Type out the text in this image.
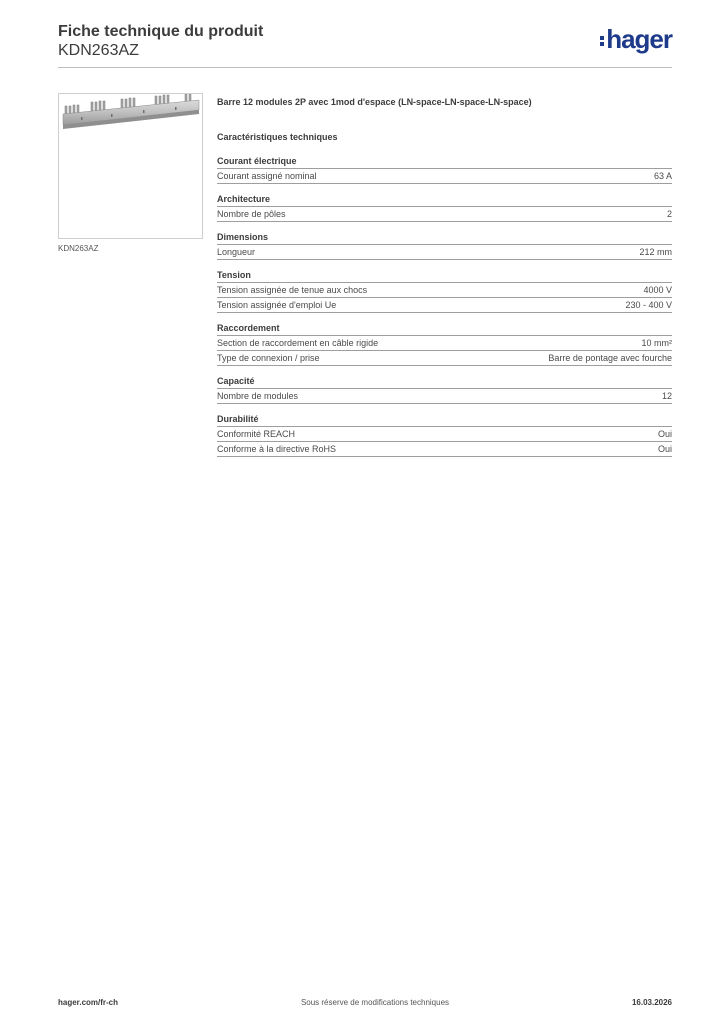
Fiche technique du produit
KDN263AZ	hager
KDN263AZ
Barre 12 modules 2P avec 1mod d'espace (LN-space-LN-space-LN-space)
Caractéristiques techniques
Courant électrique
Courant assigné nominal	63 A
Architecture
Nombre de pôles	2
Dimensions
Longueur	212 mm
Tension
Tension assignée de tenue aux chocs	4000 V
Tension assignée d'emploi Ue	230 - 400 V
Raccordement
Section de raccordement en câble rigide	10 mm²
Type de connexion / prise	Barre de pontage avec fourche
Capacité
Nombre de modules	12
Durabilité
Conformité REACH	Oui
Conforme à la directive RoHS	Oui
hager.com/fr-ch	Sous réserve de modifications techniques	16.03.2026
